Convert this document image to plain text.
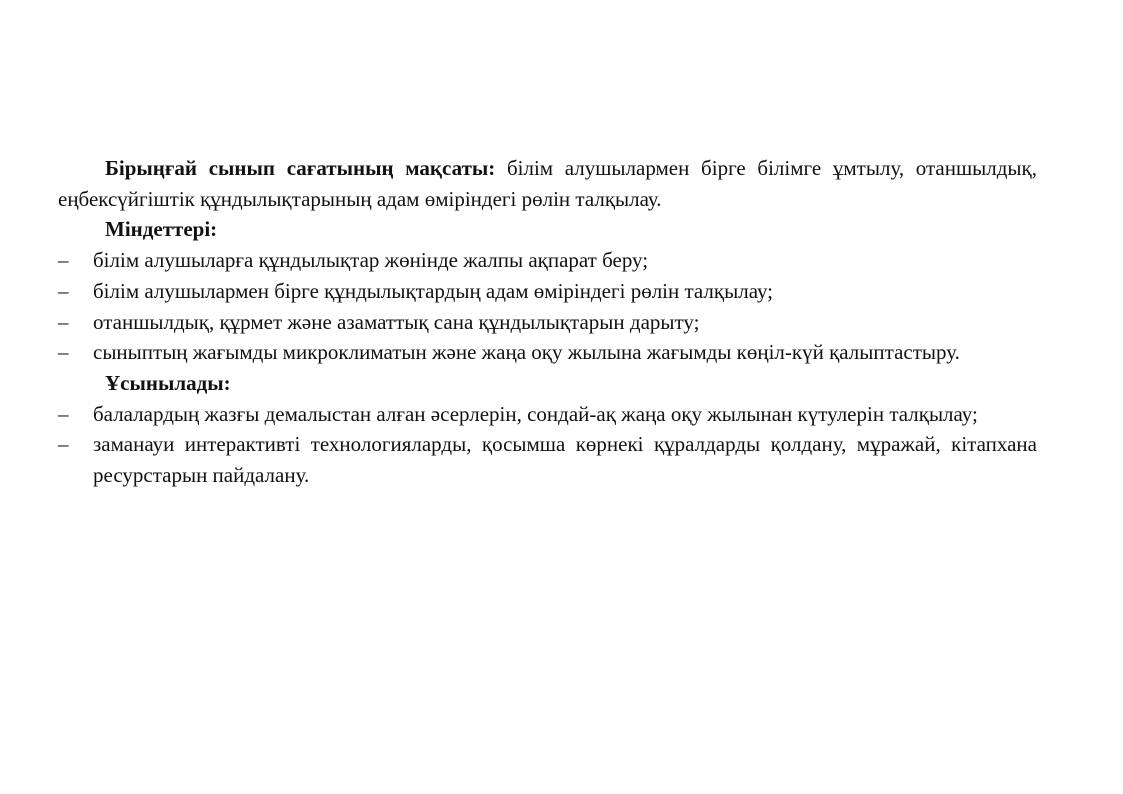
Бірыңғай сынып сағатының мақсаты: білім алушылармен бірге білімге ұмтылу, отаншылдық, еңбексүйгіштік құндылықтарының адам өміріндегі рөлін талқылау.

Міндеттері:

– білім алушыларға құндылықтар жөнінде жалпы ақпарат беру;
– білім алушылармен бірге құндылықтардың адам өміріндегі рөлін талқылау;
– отаншылдық, құрмет және азаматтық сана құндылықтарын дарыту;
– сыныптың жағымды микроклиматын және жаңа оқу жылына жағымды көңіл-күй қалыптастыру.

Ұсынылады:

– балалардың жазғы демалыстан алған әсерлерін, сондай-ақ жаңа оқу жылынан күтулерін талқылау;
– заманауи интерактивті технологияларды, қосымша көрнекі құралдарды қолдану, мұражай, кітапхана ресурстарын пайдалану.
